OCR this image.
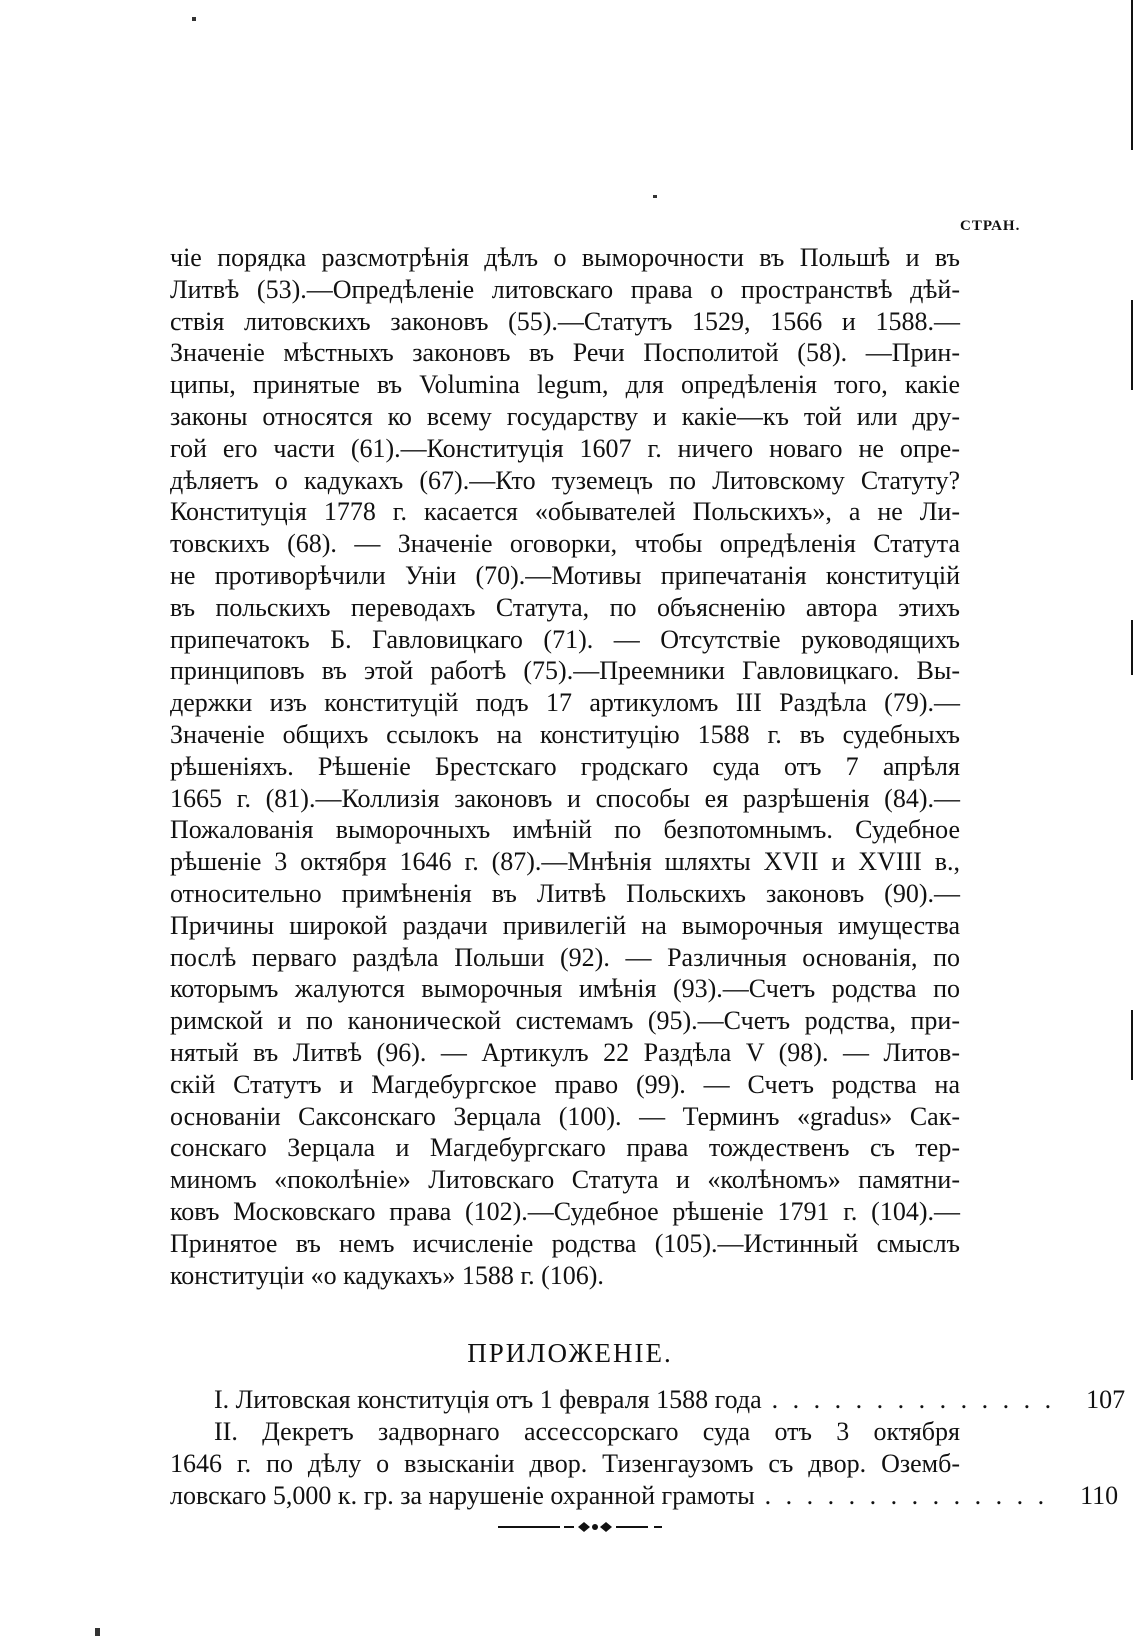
СТРАН.
чіе порядка разсмотрѣнія дѣлъ о выморочности въ Польшѣ и въ
Литвѣ (53).—Опредѣленіе литовскаго права о пространствѣ дѣй-
ствія литовскихъ законовъ (55).—Статутъ 1529, 1566 и 1588.—
Значеніе мѣстныхъ законовъ въ Речи Посполитой (58). —Прин-
ципы, принятые въ Volumina legum, для опредѣленія того, какіе
законы относятся ко всему государству и какіе—къ той или дру-
гой его части (61).—Конституція 1607 г. ничего новаго не опре-
дѣляетъ о кадукахъ (67).—Кто туземецъ по Литовскому Статуту?
Конституція 1778 г. касается «обывателей Польскихъ», а не Ли-
товскихъ (68). — Значеніе оговорки, чтобы опредѣленія Статута
не противорѣчили Уніи (70).—Мотивы припечатанія конституцій
въ польскихъ переводахъ Статута, по объясненію автора этихъ
припечатокъ Б. Гавловицкаго (71). — Отсутствіе руководящихъ
принциповъ въ этой работѣ (75).—Преемники Гавловицкаго. Вы-
держки изъ конституцій подъ 17 артикуломъ III Раздѣла (79).—
Значеніе общихъ ссылокъ на конституцію 1588 г. въ судебныхъ
рѣшеніяхъ. Рѣшеніе Брестскаго гродскаго суда отъ 7 апрѣля
1665 г. (81).—Коллизія законовъ и способы ея разрѣшенія (84).—
Пожалованія выморочныхъ имѣній по безпотомнымъ. Судебное
рѣшеніе 3 октября 1646 г. (87).—Мнѣнія шляхты XVII и XVIII в.,
относительно примѣненія въ Литвѣ Польскихъ законовъ (90).—
Причины широкой раздачи привилегій на выморочныя имущества
послѣ перваго раздѣла Польши (92). — Различныя основанія, по
которымъ жалуются выморочныя имѣнія (93).—Счетъ родства по
римской и по канонической системамъ (95).—Счетъ родства, при-
нятый въ Литвѣ (96). — Артикулъ 22 Раздѣла V (98). — Литов-
скій Статутъ и Магдебургское право (99). — Счетъ родства на
основаніи Саксонскаго Зерцала (100). — Терминъ «gradus» Сак-
сонскаго Зерцала и Магдебургскаго права тождественъ съ тер-
миномъ «поколѣніе» Литовскаго Статута и «колѣномъ» памятни-
ковъ Московскаго права (102).—Судебное рѣшеніе 1791 г. (104).—
Принятое въ немъ исчисленіе родства (105).—Истинный смыслъ
конституціи «о кадукахъ» 1588 г. (106).
ПРИЛОЖЕНІЕ.
I. Литовская конституція отъ 1 февраля 1588 года . . . . . . . . . . . . . .	107
II. Декретъ задворнаго ассессорскаго суда отъ 3 октября
1646 г. по дѣлу о взысканіи двор. Тизенгаузомъ съ двор. Оземб-
ловскаго 5,000 к. гр. за нарушеніе охранной грамоты . . . . . . . . . . . . . .	110
